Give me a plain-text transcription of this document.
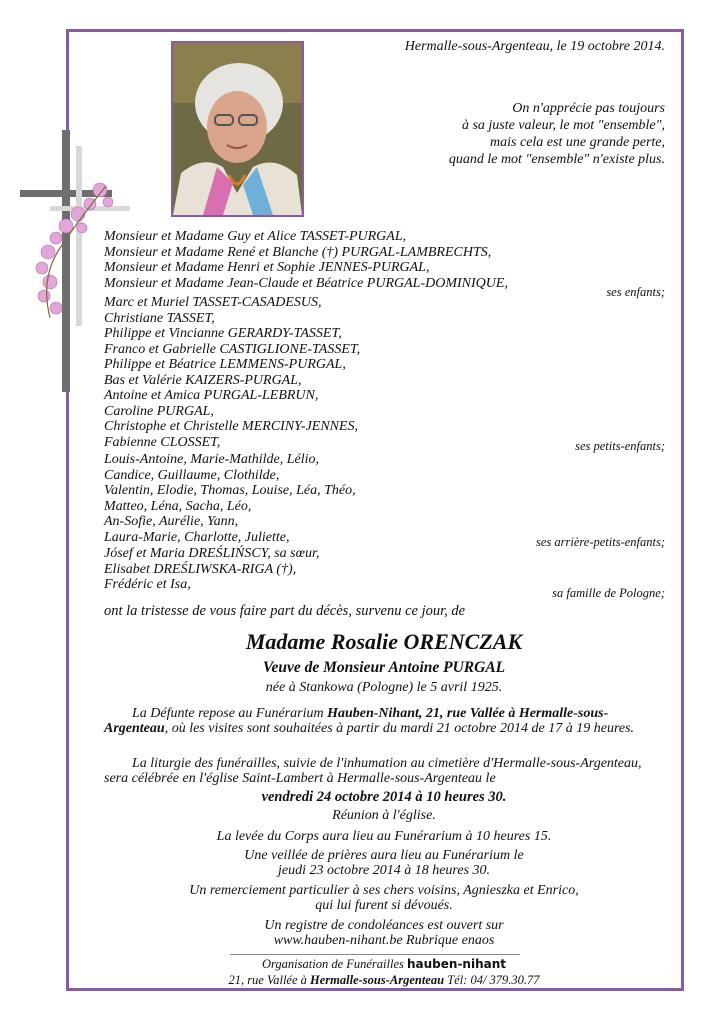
Hermalle-sous-Argenteau, le 19 octobre 2014.
On n'apprécie pas toujours
à sa juste valeur, le mot "ensemble",
mais cela est une grande perte,
quand le mot "ensemble" n'existe plus.
Monsieur et Madame Guy et Alice TASSET-PURGAL,
Monsieur et Madame René et Blanche (†) PURGAL-LAMBRECHTS,
Monsieur et Madame Henri et Sophie JENNES-PURGAL,
Monsieur et Madame Jean-Claude et Béatrice PURGAL-DOMINIQUE,
ses enfants;
Marc et Muriel TASSET-CASADESUS,
Christiane TASSET,
Philippe et Vincianne GERARDY-TASSET,
Franco et Gabrielle CASTIGLIONE-TASSET,
Philippe et Béatrice LEMMENS-PURGAL,
Bas et Valérie KAIZERS-PURGAL,
Antoine et Amica PURGAL-LEBRUN,
Caroline PURGAL,
Christophe et Christelle MERCINY-JENNES,
Fabienne CLOSSET,	ses petits-enfants;
Louis-Antoine, Marie-Mathilde, Lélio,
Candice, Guillaume, Clothilde,
Valentin, Elodie, Thomas, Louise, Léa, Théo,
Matteo, Léna, Sacha, Léo,
An-Sofie, Aurélie, Yann,
Laura-Marie, Charlotte, Juliette,	ses arrière-petits-enfants;
Jósef et Maria DREŚLIŃSCY, sa sœur,
Elisabet DREŚLIWSKA-RIGA (†),
Frédéric et Isa,
sa famille de Pologne;
ont la tristesse de vous faire part du décès, survenu ce jour, de
Madame Rosalie ORENCZAK
Veuve de Monsieur Antoine PURGAL
née à Stankowa (Pologne) le 5 avril 1925.
La Défunte repose au Funérarium Hauben-Nihant, 21, rue Vallée à Hermalle-sous-Argenteau, où les visites sont souhaitées à partir du mardi 21 octobre 2014 de 17 à 19 heures.
La liturgie des funérailles, suivie de l'inhumation au cimetière d'Hermalle-sous-Argenteau, sera célébrée en l'église Saint-Lambert à Hermalle-sous-Argenteau le
vendredi 24 octobre 2014 à 10 heures 30.
Réunion à l'église.
La levée du Corps aura lieu au Funérarium à 10 heures 15.
Une veillée de prières aura lieu au Funérarium le
jeudi 23 octobre 2014 à 18 heures 30.
Un remerciement particulier à ses chers voisins, Agnieszka et Enrico,
qui lui furent si dévoués.
Un registre de condoléances est ouvert sur
www.hauben-nihant.be Rubrique enaos
Organisation de Funérailles hauben-nihant
21, rue Vallée à Hermalle-sous-Argenteau Tél: 04/ 379.30.77
